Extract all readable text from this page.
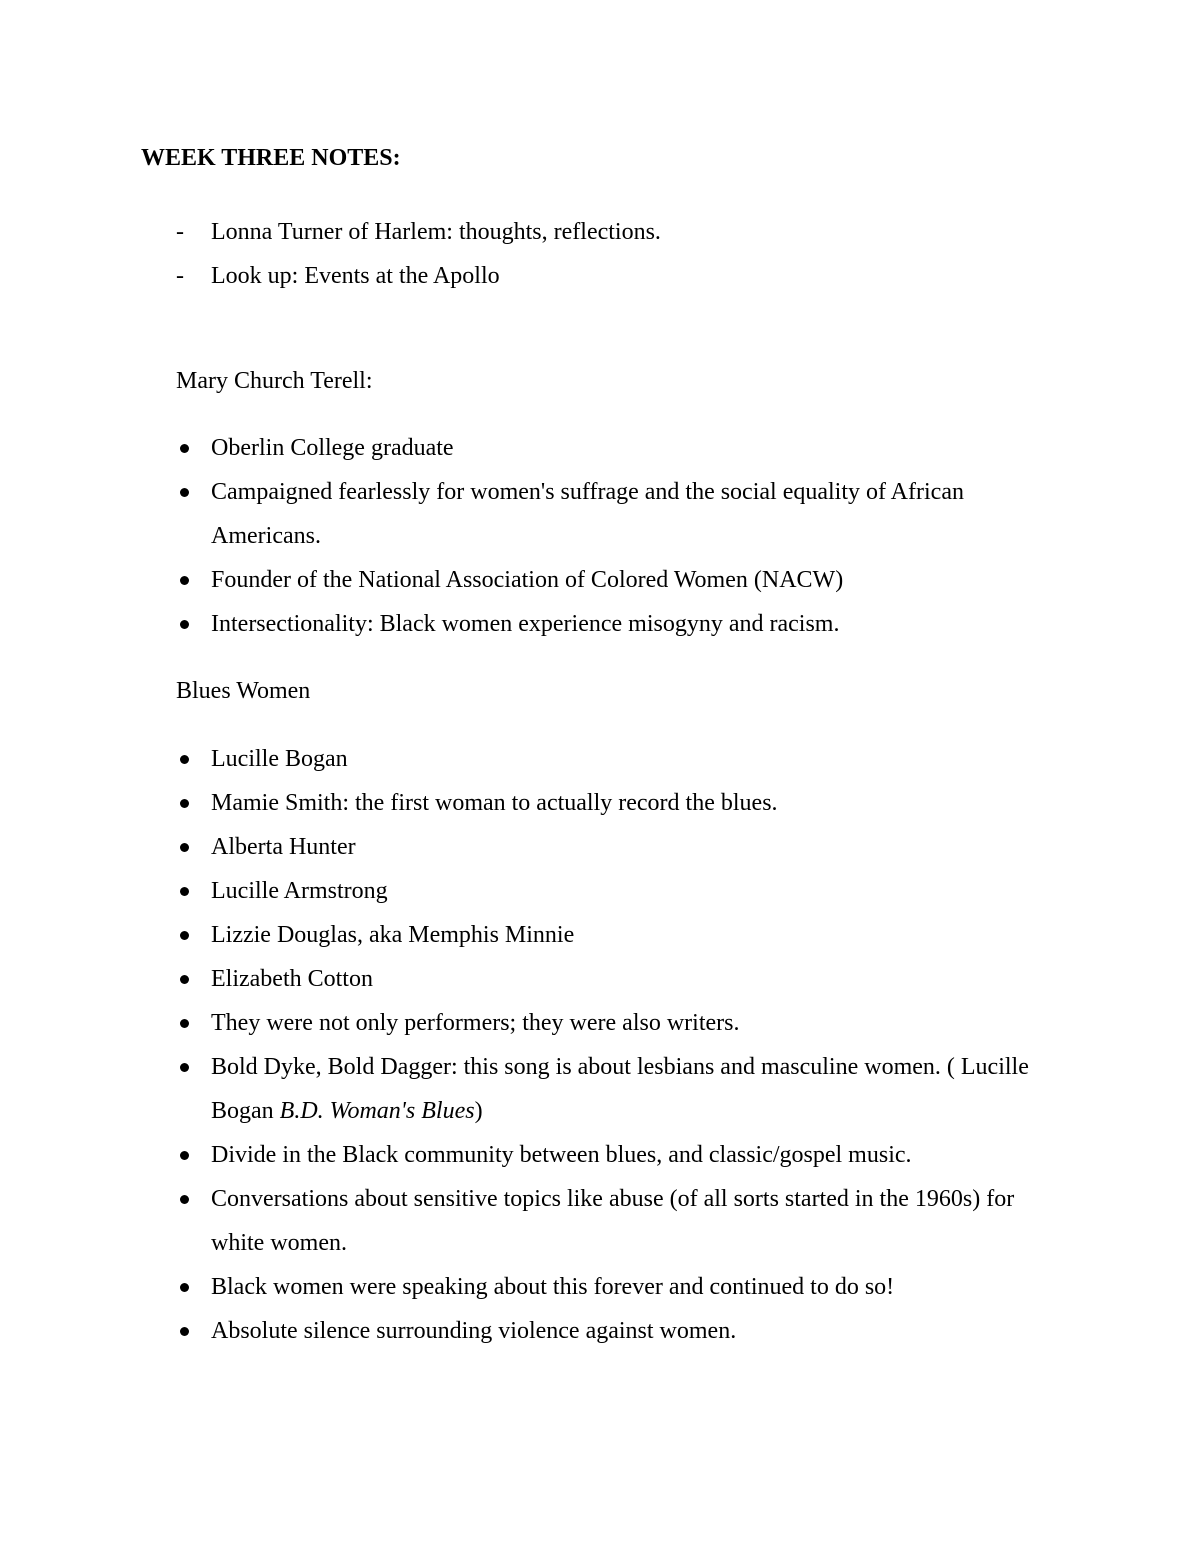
WEEK THREE NOTES:
- Lonna Turner of Harlem: thoughts, reflections.
- Look up: Events at the Apollo
Mary Church Terell:
Oberlin College graduate
Campaigned fearlessly for women's suffrage and the social equality of African Americans.
Founder of the National Association of Colored Women (NACW)
Intersectionality: Black women experience misogyny and racism.
Blues Women
Lucille Bogan
Mamie Smith: the first woman to actually record the blues.
Alberta Hunter
Lucille Armstrong
Lizzie Douglas, aka Memphis Minnie
Elizabeth Cotton
They were not only performers; they were also writers.
Bold Dyke, Bold Dagger: this song is about lesbians and masculine women. ( Lucille Bogan B.D. Woman's Blues)
Divide in the Black community between blues, and classic/gospel music.
Conversations about sensitive topics like abuse (of all sorts started in the 1960s) for white women.
Black women were speaking about this forever and continued to do so!
Absolute silence surrounding violence against women.
